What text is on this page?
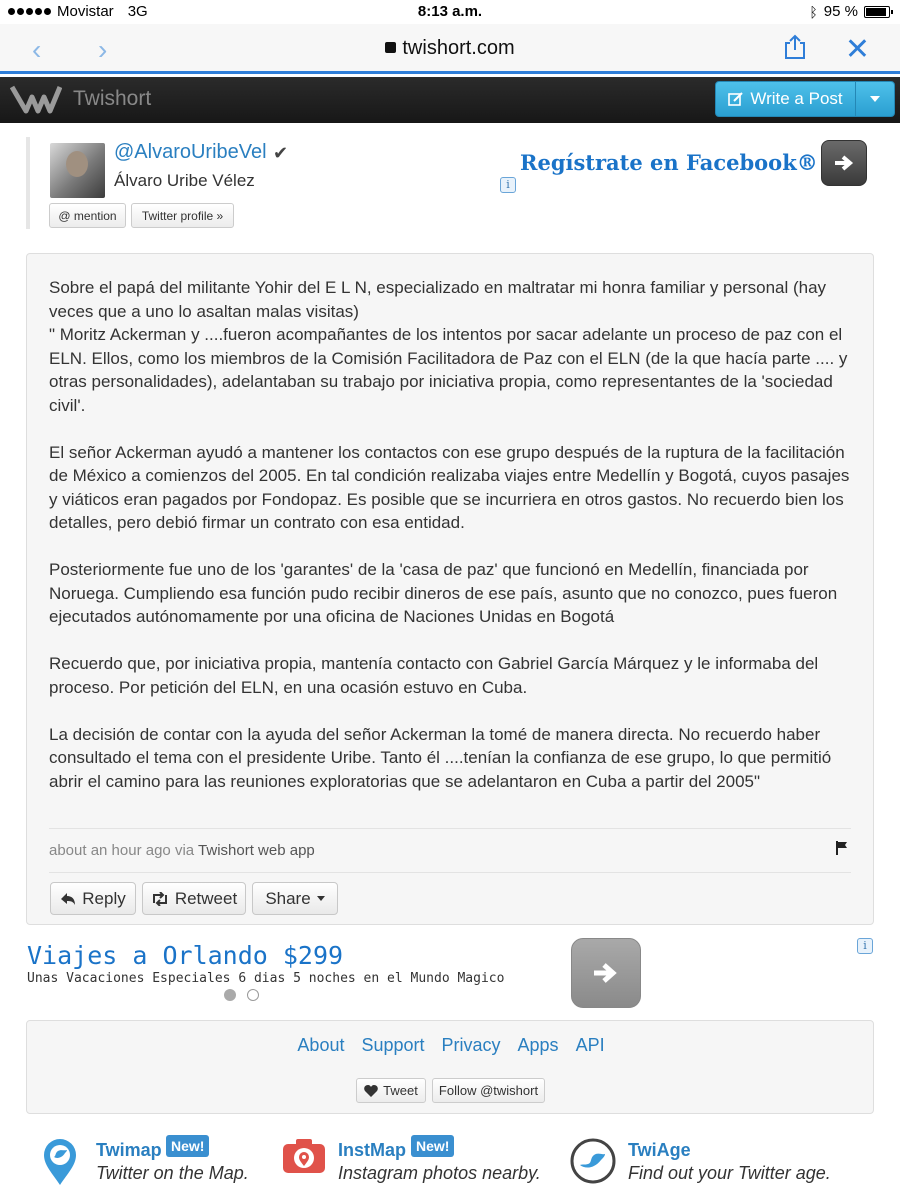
Movistar 3G	8:13 a.m.	ᛒ 95 %
‹ ›	twishort.com	✕
Twishort	Write a Post
@AlvaroUribeVel ✔
Álvaro Uribe Vélez
@ mention	Twitter profile »
Regístrate en Facebook®
i

Sobre el papá del militante Yohir del E L N, especializado en maltratar mi honra familiar y personal (hay veces que a uno lo asaltan malas visitas)
" Moritz Ackerman y ....fueron acompañantes de los intentos por sacar adelante un proceso de paz con el ELN. Ellos, como los miembros de la Comisión Facilitadora de Paz con el ELN (de la que hacía parte .... y otras personalidades), adelantaban su trabajo por iniciativa propia, como representantes de la 'sociedad civil'.

El señor Ackerman ayudó a mantener los contactos con ese grupo después de la ruptura de la facilitación de México a comienzos del 2005. En tal condición realizaba viajes entre Medellín y Bogotá, cuyos pasajes y viáticos eran pagados por Fondopaz. Es posible que se incurriera en otros gastos. No recuerdo bien los detalles, pero debió firmar un contrato con esa entidad.

Posteriormente fue uno de los 'garantes' de la 'casa de paz' que funcionó en Medellín, financiada por Noruega. Cumpliendo esa función pudo recibir dineros de ese país, asunto que no conozco, pues fueron ejecutados autónomamente por una oficina de Naciones Unidas en Bogotá

Recuerdo que, por iniciativa propia, mantenía contacto con Gabriel García Márquez y le informaba del proceso. Por petición del ELN, en una ocasión estuvo en Cuba.

La decisión de contar con la ayuda del señor Ackerman la tomé de manera directa. No recuerdo haber consultado el tema con el presidente Uribe. Tanto él ....tenían la confianza de ese grupo, lo que permitió abrir el camino para las reuniones exploratorias que se adelantaron en Cuba a partir del 2005"

about an hour ago via Twishort web app
Reply	Retweet Share
Viajes a Orlando $299
Unas Vacaciones Especiales 6 dias 5 noches en el Mundo Magico
i
About Support Privacy Apps API
Tweet	Follow @twishort
Twimap New!
Twitter on the Map.
InstMap New!
Instagram photos nearby.
TwiAge
Find out your Twitter age.
